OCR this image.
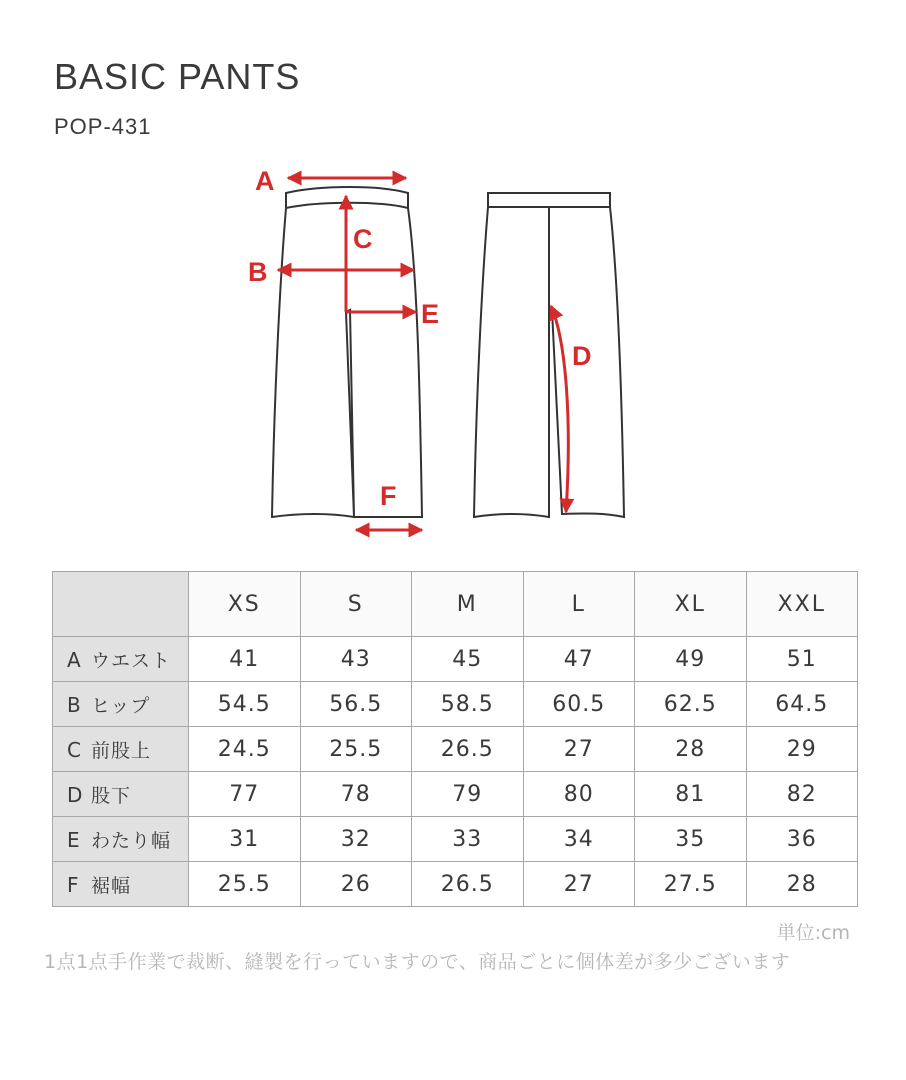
BASIC PANTS
POP-431
A
B
C
D
E
F
	XS	S	M	L	XL	XXL
A ウエスト	41	43	45	47	49	51
B ヒップ	54.5	56.5	58.5	60.5	62.5	64.5
C 前股上	24.5	25.5	26.5	27	28	29
D 股下	77	78	79	80	81	82
E わたり幅	31	32	33	34	35	36
F 裾幅	25.5	26	26.5	27	27.5	28
単位:cm
1点1点手作業で裁断、縫製を行っていますので、商品ごとに個体差が多少ございます
